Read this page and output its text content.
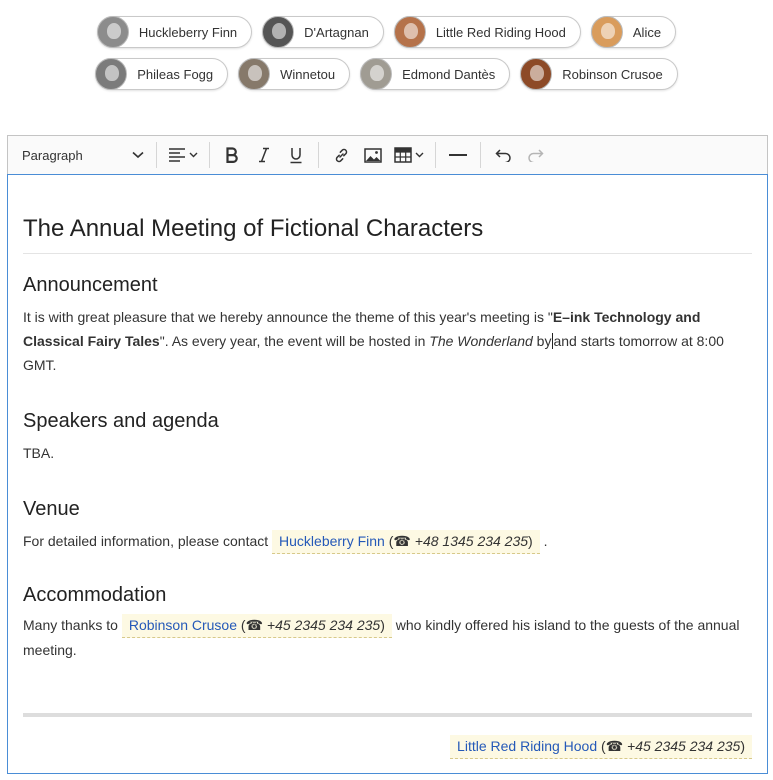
Huckleberry Finn	D'Artagnan	Little Red Riding Hood	Alice
Phileas Fogg	Winnetou	Edmond Dantès	Robinson Crusoe
Paragraph
The Annual Meeting of Fictional Characters
Announcement

It is with great pleasure that we hereby announce the theme of this year's meeting is "E–ink Technology and Classical Fairy Tales". As every year, the event will be hosted in The Wonderland by and starts tomorrow at 8:00 GMT.

Speakers and agenda

TBA.

Venue

For detailed information, please contact Huckleberry Finn (☎ +48 1345 234 235) .

Accommodation

Many thanks to Robinson Crusoe (☎ +45 2345 234 235) who kindly offered his island to the guests of the annual meeting.

Little Red Riding Hood (☎ +45 2345 234 235)
